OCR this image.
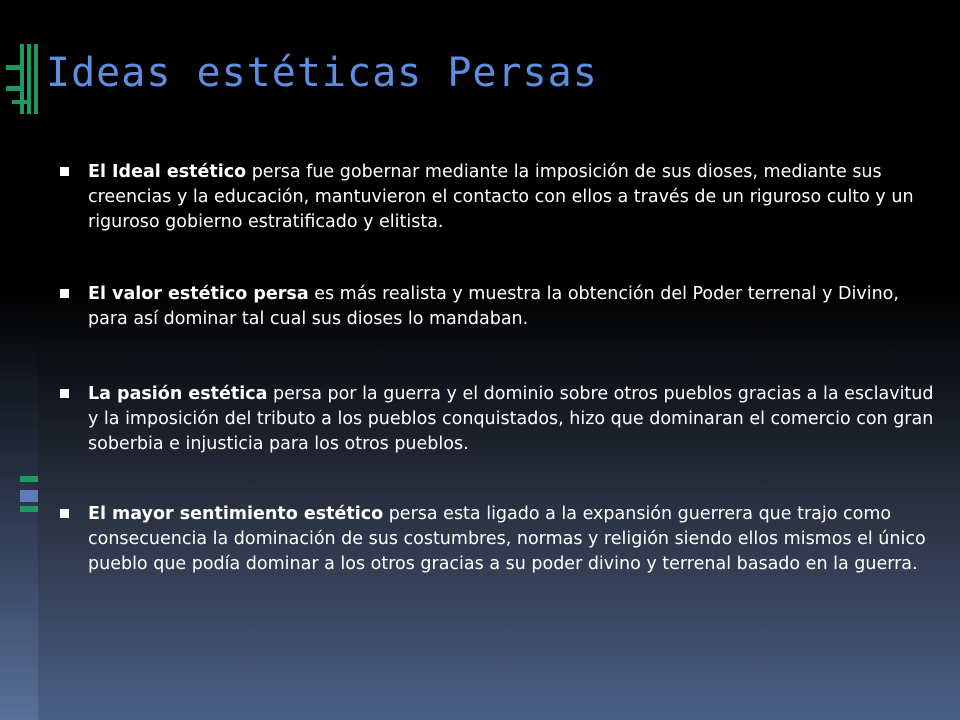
Ideas estéticas Persas
El Ideal estético persa fue gobernar mediante la imposición de sus dioses, mediante sus creencias y la educación, mantuvieron el contacto con ellos a través de un riguroso culto y un riguroso gobierno estratificado y elitista.
El valor estético persa es más realista y muestra la obtención del Poder terrenal y Divino, para así dominar tal cual sus dioses lo mandaban.
La pasión estética persa por la guerra y el dominio sobre otros pueblos gracias a la esclavitud y la imposición del tributo a los pueblos conquistados, hizo que dominaran el comercio con gran soberbia e injusticia para los otros pueblos.
El mayor sentimiento estético persa esta ligado a la expansión guerrera que trajo como consecuencia la dominación de sus costumbres, normas y religión siendo ellos mismos el único pueblo que podía dominar a los otros gracias a su poder divino y terrenal basado en la guerra.
